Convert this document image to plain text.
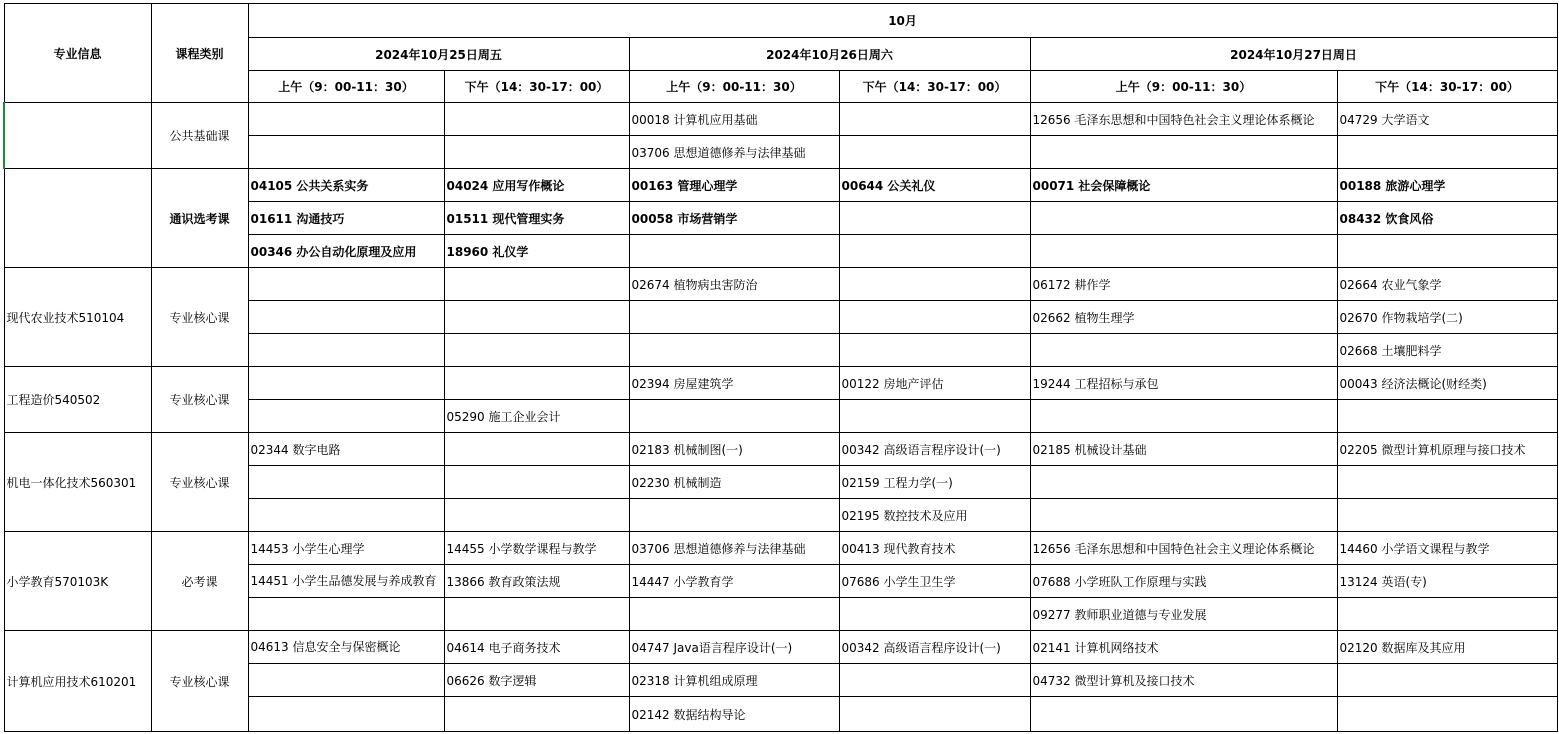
专业信息	课程类别	10月					
		2024年10月25日周五		2024年10月26日周六		2024年10月27日周日	
		上午（9：00-11：30）	下午（14：30-17：00）	上午（9：00-11：30）	下午（14：30-17：00）	上午（9：00-11：30）	下午（14：30-17：00）
	公共基础课			00018 计算机应用基础		12656 毛泽东思想和中国特色社会主义理论体系概论	04729 大学语文
				03706 思想道德修养与法律基础			
	通识选考课	04105 公共关系实务	04024 应用写作概论	00163 管理心理学	00644 公关礼仪	00071 社会保障概论	00188 旅游心理学
		01611 沟通技巧	01511 现代管理实务	00058 市场营销学			08432 饮食风俗
		00346 办公自动化原理及应用	18960 礼仪学				
现代农业技术510104	专业核心课			02674 植物病虫害防治		06172 耕作学	02664 农业气象学
						02662 植物生理学	02670 作物栽培学(二)
							02668 土壤肥料学
工程造价540502	专业核心课			02394 房屋建筑学	00122 房地产评估	19244 工程招标与承包	00043 经济法概论(财经类)
			05290 施工企业会计				
机电一体化技术560301	专业核心课	02344 数字电路		02183 机械制图(一)	00342 高级语言程序设计(一)	02185 机械设计基础	02205 微型计算机原理与接口技术
				02230 机械制造	02159 工程力学(一)		
					02195 数控技术及应用		
小学教育570103K	必考课	14453 小学生心理学	14455 小学数学课程与教学	03706 思想道德修养与法律基础	00413 现代教育技术	12656 毛泽东思想和中国特色社会主义理论体系概论	14460 小学语文课程与教学
		14451 小学生品德发展与养成教育	13866 教育政策法规	14447 小学教育学	07686 小学生卫生学	07688 小学班队工作原理与实践	13124 英语(专)
						09277 教师职业道德与专业发展	
计算机应用技术610201	专业核心课	04613 信息安全与保密概论	04614 电子商务技术	04747 Java语言程序设计(一)	00342 高级语言程序设计(一)	02141 计算机网络技术	02120 数据库及其应用
			06626 数字逻辑	02318 计算机组成原理		04732 微型计算机及接口技术	
				02142 数据结构导论			
